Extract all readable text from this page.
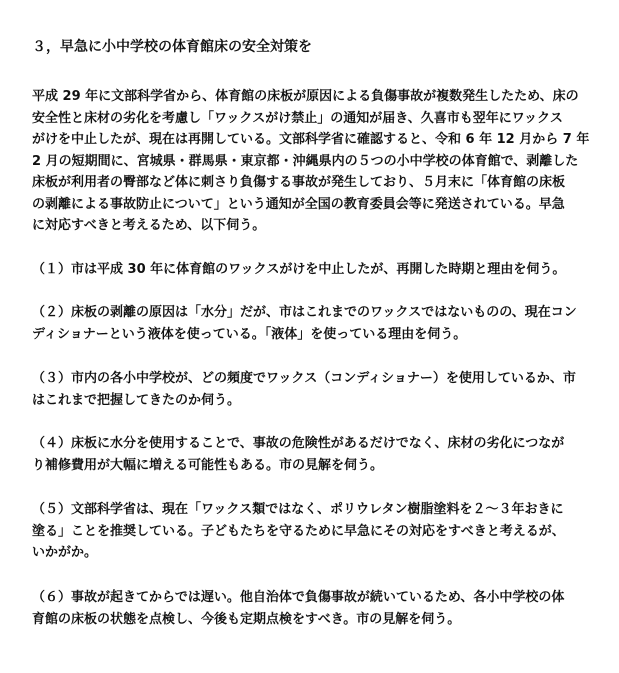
３，早急に小中学校の体育館床の安全対策を
平成 29 年に文部科学省から、体育館の床板が原因による負傷事故が複数発生したため、床の
安全性と床材の劣化を考慮し「ワックスがけ禁止」の通知が届き、久喜市も翌年にワックス
がけを中止したが、現在は再開している。文部科学省に確認すると、令和 6 年 12 月から 7 年
2 月の短期間に、宮城県・群馬県・東京都・沖縄県内の５つの小中学校の体育館で、剥離した
床板が利用者の臀部など体に刺さり負傷する事故が発生しており、５月末に「体育館の床板
の剥離による事故防止について」という通知が全国の教育委員会等に発送されている。早急
に対応すべきと考えるため、以下伺う。
（１）市は平成 30 年に体育館のワックスがけを中止したが、再開した時期と理由を伺う。
（２）床板の剥離の原因は「水分」だが、市はこれまでのワックスではないものの、現在コン
ディショナーという液体を使っている。「液体」を使っている理由を伺う。
（３）市内の各小中学校が、どの頻度でワックス（コンディショナー）を使用しているか、市
はこれまで把握してきたのか伺う。
（４）床板に水分を使用することで、事故の危険性があるだけでなく、床材の劣化につなが
り補修費用が大幅に増える可能性もある。市の見解を伺う。
（５）文部科学省は、現在「ワックス類ではなく、ポリウレタン樹脂塗料を２～３年おきに
塗る」ことを推奨している。子どもたちを守るために早急にその対応をすべきと考えるが、
いかがか。
（６）事故が起きてからでは遅い。他自治体で負傷事故が続いているため、各小中学校の体
育館の床板の状態を点検し、今後も定期点検をすべき。市の見解を伺う。
